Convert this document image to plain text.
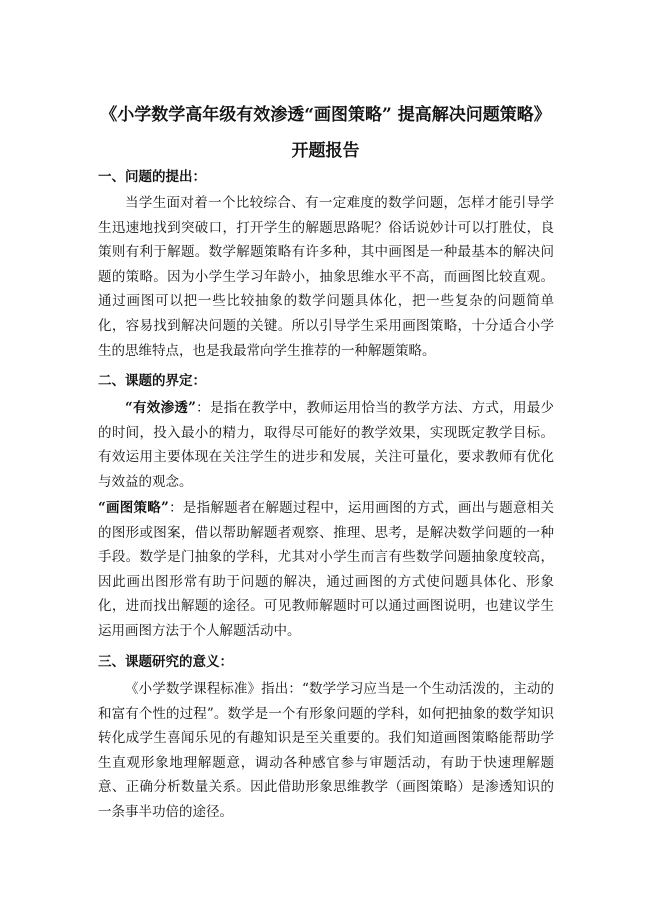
《小学数学高年级有效渗透“画图策略” 提高解决问题策略》开题报告
一、问题的提出：

当学生面对着一个比较综合、有一定难度的数学问题，怎样才能引导学生迅速地找到突破口，打开学生的解题思路呢？俗话说妙计可以打胜仗，良策则有利于解题。数学解题策略有许多种，其中画图是一种最基本的解决问题的策略。因为小学生学习年龄小，抽象思维水平不高，而画图比较直观。通过画图可以把一些比较抽象的数学问题具体化，把一些复杂的问题简单化，容易找到解决问题的关键。所以引导学生采用画图策略，十分适合小学生的思维特点，也是我最常向学生推荐的一种解题策略。

二、课题的界定：

“有效渗透”：是指在教学中，教师运用恰当的教学方法、方式，用最少的时间，投入最小的精力，取得尽可能好的教学效果，实现既定教学目标。有效运用主要体现在关注学生的进步和发展，关注可量化，要求教师有优化与效益的观念。

“画图策略”：是指解题者在解题过程中，运用画图的方式，画出与题意相关的图形或图案，借以帮助解题者观察、推理、思考，是解决数学问题的一种手段。数学是门抽象的学科，尤其对小学生而言有些数学问题抽象度较高，因此画出图形常有助于问题的解决，通过画图的方式使问题具体化、形象化，进而找出解题的途径。可见教师解题时可以通过画图说明，也建议学生运用画图方法于个人解题活动中。

三、课题研究的意义：

《小学数学课程标准》指出：“数学学习应当是一个生动活泼的，主动的和富有个性的过程”。数学是一个有形象问题的学科，如何把抽象的数学知识转化成学生喜闻乐见的有趣知识是至关重要的。我们知道画图策略能帮助学生直观形象地理解题意，调动各种感官参与审题活动，有助于快速理解题意、正确分析数量关系。因此借助形象思维教学（画图策略）是渗透知识的一条事半功倍的途径。
